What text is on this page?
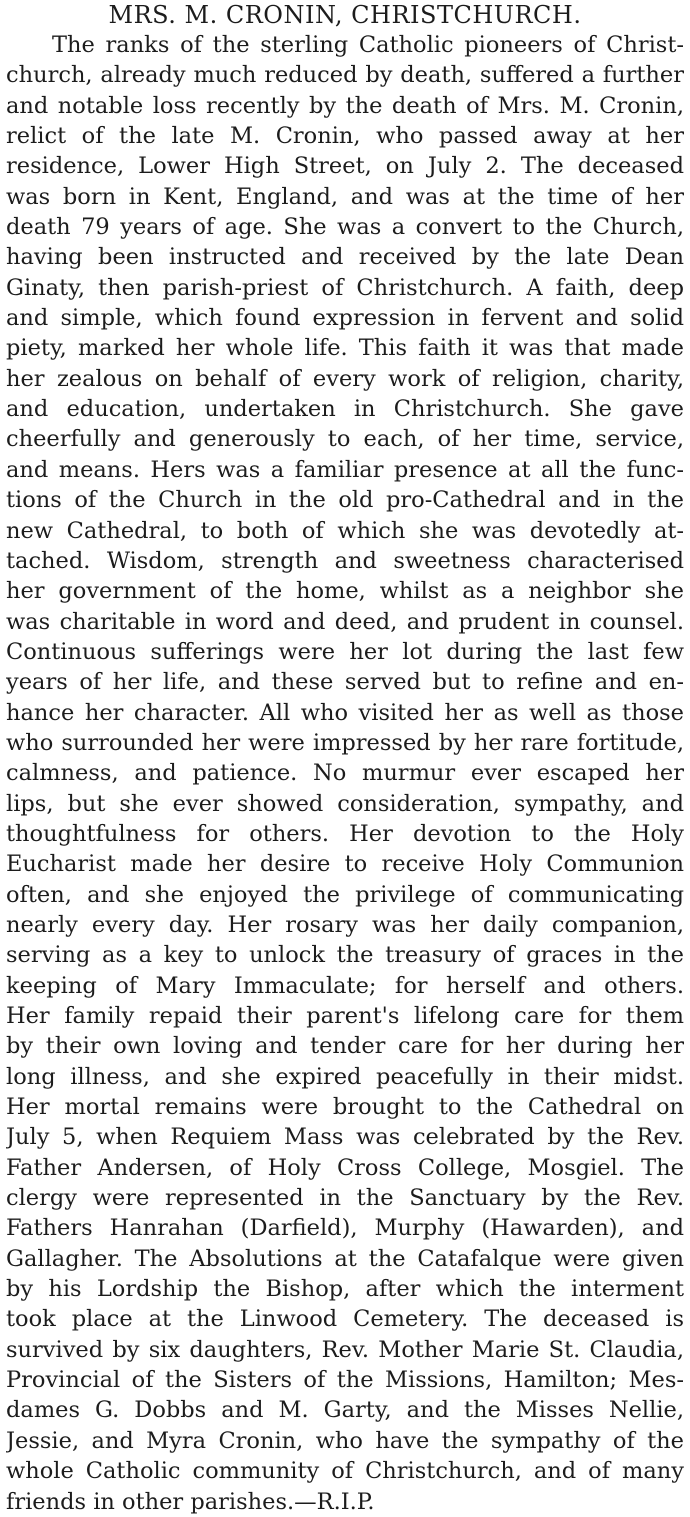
MRS. M. CRONIN, CHRISTCHURCH.
The ranks of the sterling Catholic pioneers of Christ-
church, already much reduced by death, suffered a further
and notable loss recently by the death of Mrs. M. Cronin,
relict of the late M. Cronin, who passed away at her
residence, Lower High Street, on July 2. The deceased
was born in Kent, England, and was at the time of her
death 79 years of age. She was a convert to the Church,
having been instructed and received by the late Dean
Ginaty, then parish-priest of Christchurch. A faith, deep
and simple, which found expression in fervent and solid
piety, marked her whole life. This faith it was that made
her zealous on behalf of every work of religion, charity,
and education, undertaken in Christchurch. She gave
cheerfully and generously to each, of her time, service,
and means. Hers was a familiar presence at all the func-
tions of the Church in the old pro-Cathedral and in the
new Cathedral, to both of which she was devotedly at-
tached. Wisdom, strength and sweetness characterised
her government of the home, whilst as a neighbor she
was charitable in word and deed, and prudent in counsel.
Continuous sufferings were her lot during the last few
years of her life, and these served but to refine and en-
hance her character. All who visited her as well as those
who surrounded her were impressed by her rare fortitude,
calmness, and patience. No murmur ever escaped her
lips, but she ever showed consideration, sympathy, and
thoughtfulness for others. Her devotion to the Holy
Eucharist made her desire to receive Holy Communion
often, and she enjoyed the privilege of communicating
nearly every day. Her rosary was her daily companion,
serving as a key to unlock the treasury of graces in the
keeping of Mary Immaculate; for herself and others.
Her family repaid their parent's lifelong care for them
by their own loving and tender care for her during her
long illness, and she expired peacefully in their midst.
Her mortal remains were brought to the Cathedral on
July 5, when Requiem Mass was celebrated by the Rev.
Father Andersen, of Holy Cross College, Mosgiel. The
clergy were represented in the Sanctuary by the Rev.
Fathers Hanrahan (Darfield), Murphy (Hawarden), and
Gallagher. The Absolutions at the Catafalque were given
by his Lordship the Bishop, after which the interment
took place at the Linwood Cemetery. The deceased is
survived by six daughters, Rev. Mother Marie St. Claudia,
Provincial of the Sisters of the Missions, Hamilton; Mes-
dames G. Dobbs and M. Garty, and the Misses Nellie,
Jessie, and Myra Cronin, who have the sympathy of the
whole Catholic community of Christchurch, and of many
friends in other parishes.—R.I.P.
